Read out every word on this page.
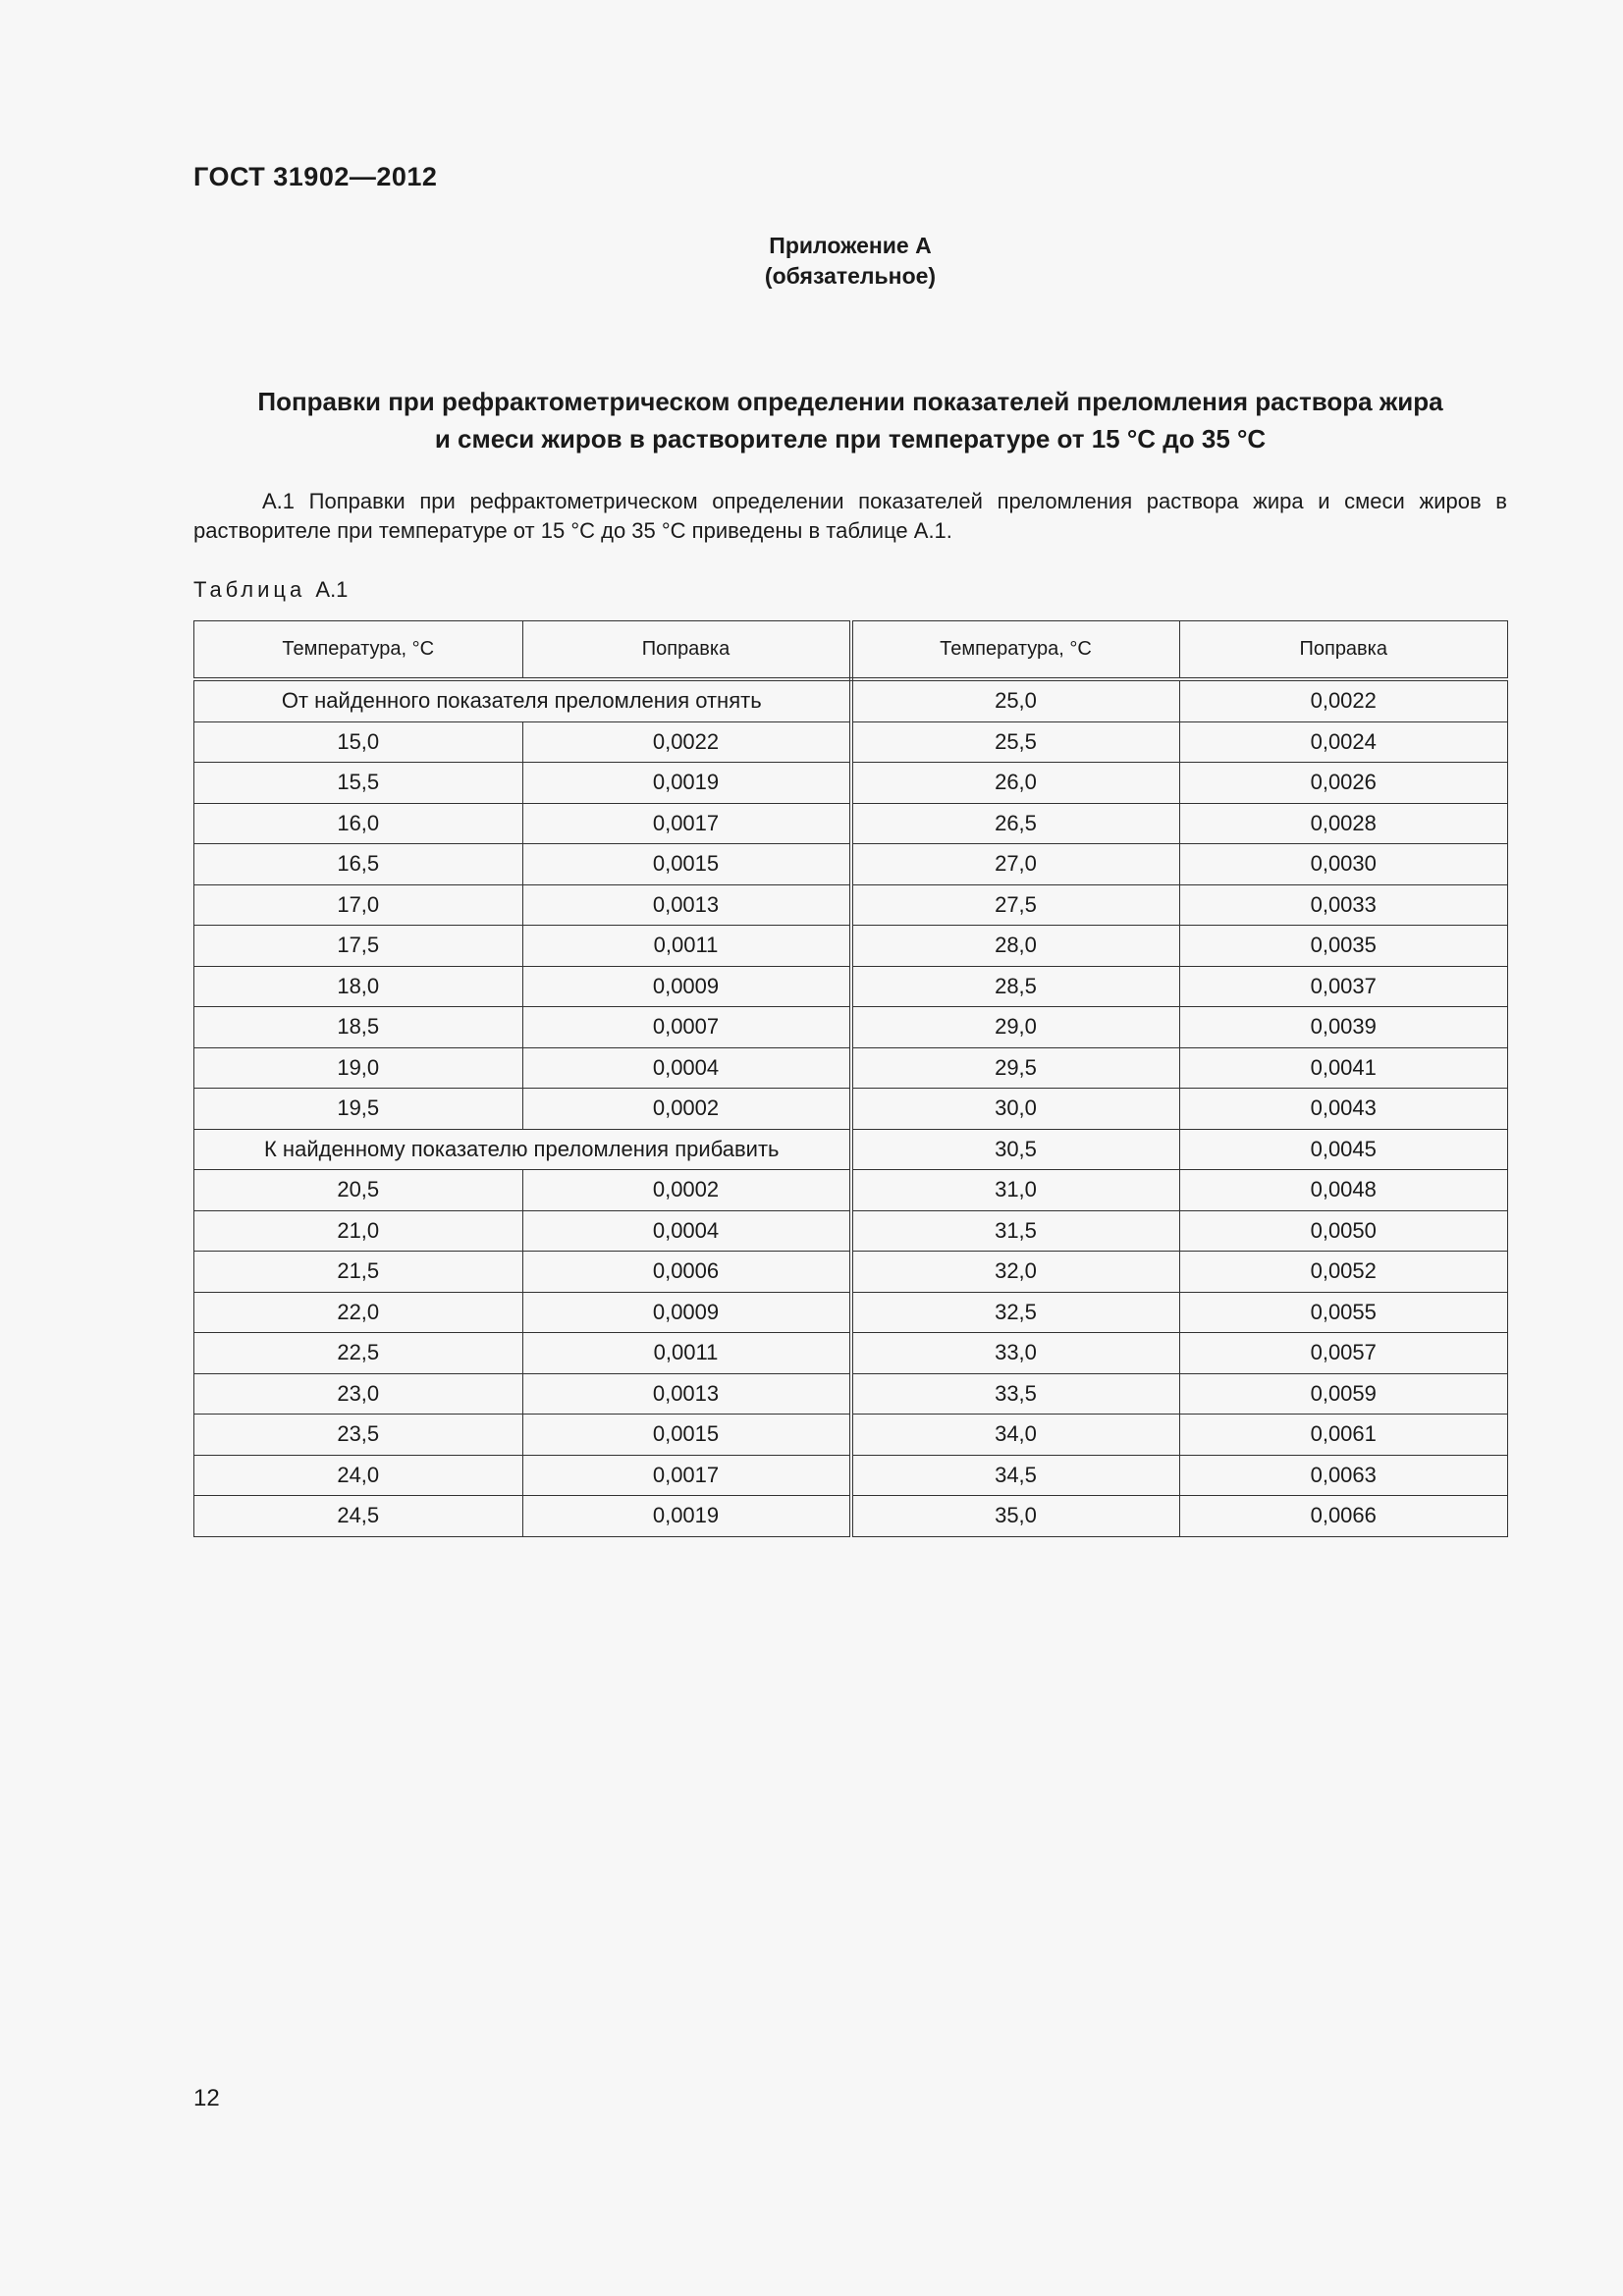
ГОСТ 31902—2012
Приложение А
(обязательное)
Поправки при рефрактометрическом определении показателей преломления раствора жира
и смеси жиров в растворителе при температуре от 15 °С до 35 °С
А.1 Поправки при рефрактометрическом определении показателей преломления раствора жира и смеси жиров в растворителе при температуре от 15 °С до 35 °С приведены в таблице А.1.
Таблица А.1
Температура, °С	Поправка	Температура, °С	Поправка
От найденного показателя преломления отнять		25,0	0,0022
15,0	0,0022	25,5	0,0024
15,5	0,0019	26,0	0,0026
16,0	0,0017	26,5	0,0028
16,5	0,0015	27,0	0,0030
17,0	0,0013	27,5	0,0033
17,5	0,0011	28,0	0,0035
18,0	0,0009	28,5	0,0037
18,5	0,0007	29,0	0,0039
19,0	0,0004	29,5	0,0041
19,5	0,0002	30,0	0,0043
К найденному показателю преломления прибавить		30,5	0,0045
20,5	0,0002	31,0	0,0048
21,0	0,0004	31,5	0,0050
21,5	0,0006	32,0	0,0052
22,0	0,0009	32,5	0,0055
22,5	0,0011	33,0	0,0057
23,0	0,0013	33,5	0,0059
23,5	0,0015	34,0	0,0061
24,0	0,0017	34,5	0,0063
24,5	0,0019	35,0	0,0066
12
